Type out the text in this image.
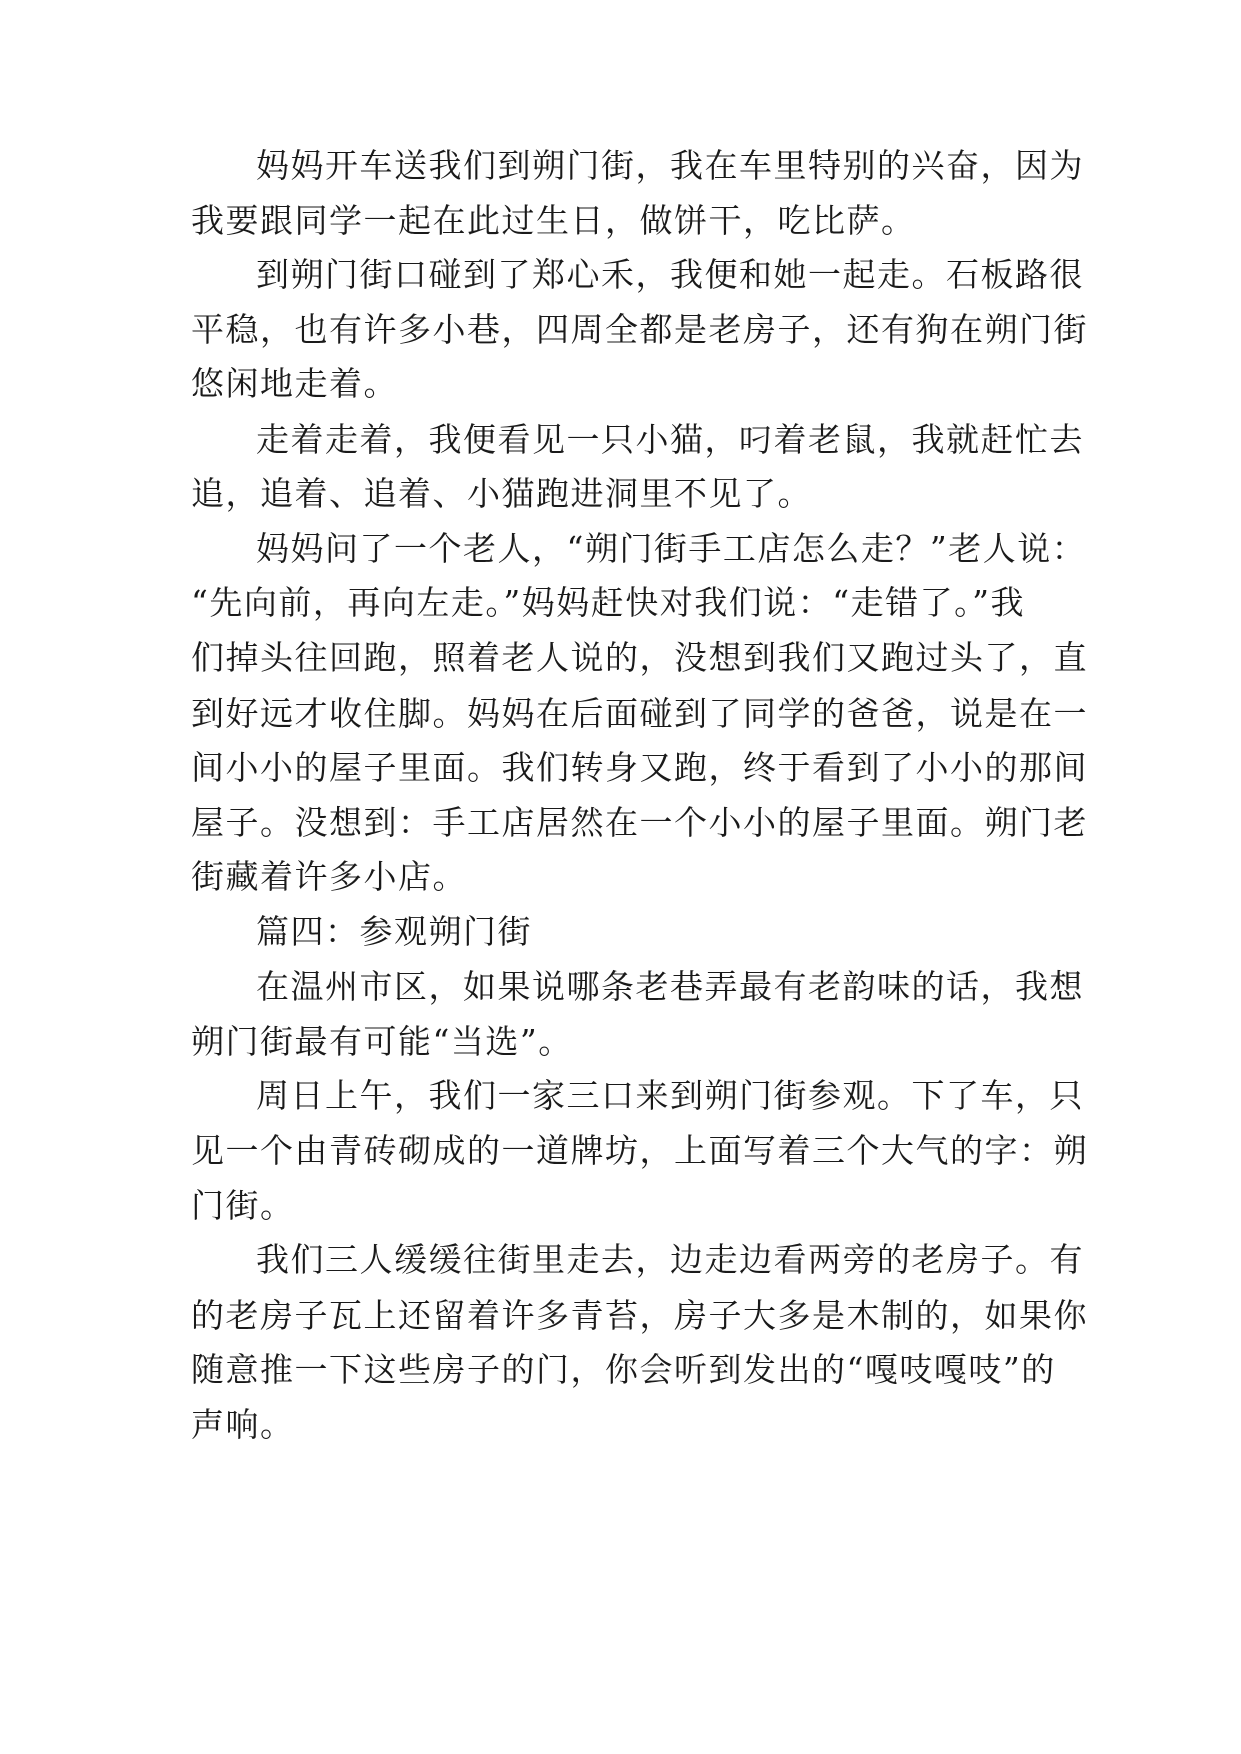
妈妈开车送我们到朔门街，我在车里特别的兴奋，因为
我要跟同学一起在此过生日，做饼干，吃比萨。
到朔门街口碰到了郑心禾，我便和她一起走。石板路很
平稳，也有许多小巷，四周全都是老房子，还有狗在朔门街
悠闲地走着。
走着走着，我便看见一只小猫，叼着老鼠，我就赶忙去
追，追着、追着、小猫跑进洞里不见了。
妈妈问了一个老人，“朔门街手工店怎么走？”老人说：
“先向前，再向左走。”妈妈赶快对我们说：“走错了。”我
们掉头往回跑，照着老人说的，没想到我们又跑过头了，直
到好远才收住脚。妈妈在后面碰到了同学的爸爸，说是在一
间小小的屋子里面。我们转身又跑，终于看到了小小的那间
屋子。没想到：手工店居然在一个小小的屋子里面。朔门老
街藏着许多小店。
篇四：参观朔门街
在温州市区，如果说哪条老巷弄最有老韵味的话，我想
朔门街最有可能“当选”。
周日上午，我们一家三口来到朔门街参观。下了车，只
见一个由青砖砌成的一道牌坊，上面写着三个大气的字：朔
门街。
我们三人缓缓往街里走去，边走边看两旁的老房子。有
的老房子瓦上还留着许多青苔，房子大多是木制的，如果你
随意推一下这些房子的门，你会听到发出的“嘎吱嘎吱”的
声响。
